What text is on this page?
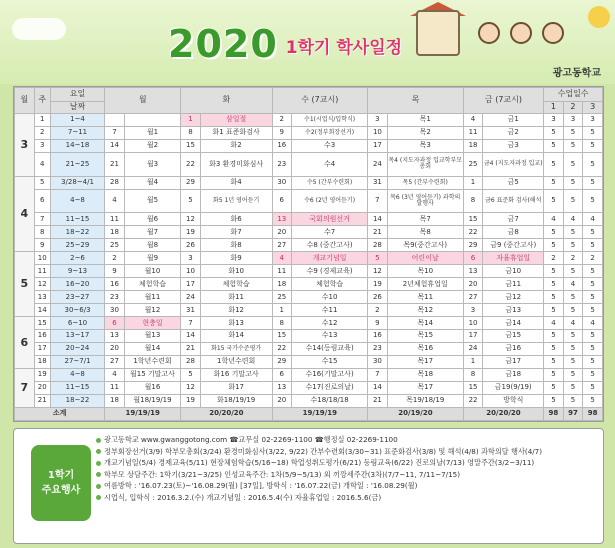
2020 1학기 학사일정
광고동학교
월	주	요일	월		화		수 (7교시)		목		금 (7교시)		수업일수		
		날짜											1	2	3
3	1	1~4			1	삼일절	2	수1(시업식/입학식)	3	목1	4	금1	3	3	3
	2	7~11	7	월1	8	화1 표준화검사	9	수2(정부회장선거)	10	목2	11	금2	5	5	5
	3	14~18	14	월2	15	화2	16	수3	17	목3	18	금3	5	5	5
	4	21~25	21	월3	22	화3 환경미화심사	23	수4	24	목4 (지도자과정 입교학부모총회	25	금4 (지도자과정 입교)	5	5	5
4	5	3/28~4/1	28	월4	29	화4	30	수5 (간부수련회)	31	목5 (간부수련회)	1	금5	5	5	5
	6	4~8	4	월5	5	화5 1년 영어듣기	6	수6 (2년 영어듣기)	7	목6 (3년 영어듣기) 과학의달행사	8	금6 표준화 검사(해석	5	5	5
	7	11~15	11	월6	12	화6	13	국회의원선거	14	목7	15	금7	4	4	4
	8	18~22	18	월7	19	화7	20	수7	21	목8	22	금8	5	5	5
	9	25~29	25	월8	26	화8	27	수8 (중간고사)	28	목9(중간고사)	29	금9 (중간고사)	5	5	5
5	10	2~6	2	월9	3	화9	4	개교기념일	5	어린이날	6	자율휴업일	2	2	2
	11	9~13	9	월10	10	화10	11	수9 (경제교육)	12	목10	13	금10	5	5	5
	12	16~20	16	체험학습	17	체험학습	18	체험학습	19	2년체험휴업일	20	금11	5	4	5
	13	23~27	23	월11	24	화11	25	수10	26	목11	27	금12	5	5	5
	14	30~6/3	30	월12	31	화12	1	수11	2	목12	3	금13	5	5	5
6	15	6~10	6	현충일	7	화13	8	수12	9	목14	10	금14	4	4	4
	16	13~17	13	월13	14	화14	15	수13	16	목15	17	금15	5	5	5
	17	20~24	20	월14	21	화15 국가수준평가	22	수14(등림교육)	23	목16	24	금16	5	5	5
	18	27~7/1	27	1학년수련회	28	1학년수련회	29	수15	30	목17	1	금17	5	5	5
7	19	4~8	4	월15 기말고사	5	화16 기말고사	6	수16(기말고사)	7	목18	8	금18	5	5	5
	20	11~15	11	월16	12	화17	13	수17(진로의날)	14	목17	15	금19(9/19)	5	5	5
	21	18~22	18	월18/19/19	19	화18/19/19	20	수18/18/18	21	목19/18/19	22	방학식	5	5	5
소계			19/19/19		20/20/20		19/19/19		20/19/20		20/20/20		98	97	98
1학기
주요행사
광고동학교 www.gwanggotong.com ☎교무실 02-2269-1100 ☎행정실 02-2269-1100
정부회장선거(3/9) 학부모총회(3/24) 환경미화심사(3/22, 9/22) 간부수련회(3/30~31) 표준화검사(3/8) 및 해석(4/8) 과학의달 행사(4/7)
개교기념일(5/4) 경제교육(5/11) 현장체험학습(5/16~18) 학업성취도평가(6/21) 등림교육(6/22) 진로의날(7/13) 영말주간(3/2~3/11)
학부모 상담주간: 1학기(3/21~3/25) 인성교육주간: 1차(5/9~5/13) 외 끼깡세주간(3차)(7/7~11, 7/11~7/15)
여름방학 : '16.07.23(토)~'16.08.29(월) [37일], 방학식 : '16.07.22(금) 개학일 : '16.08.29(월)
시업식, 입학식 : 2016.3.2.(수) 개교기념일 : 2016.5.4(수) 자율휴업일 : 2016.5.6(금)
